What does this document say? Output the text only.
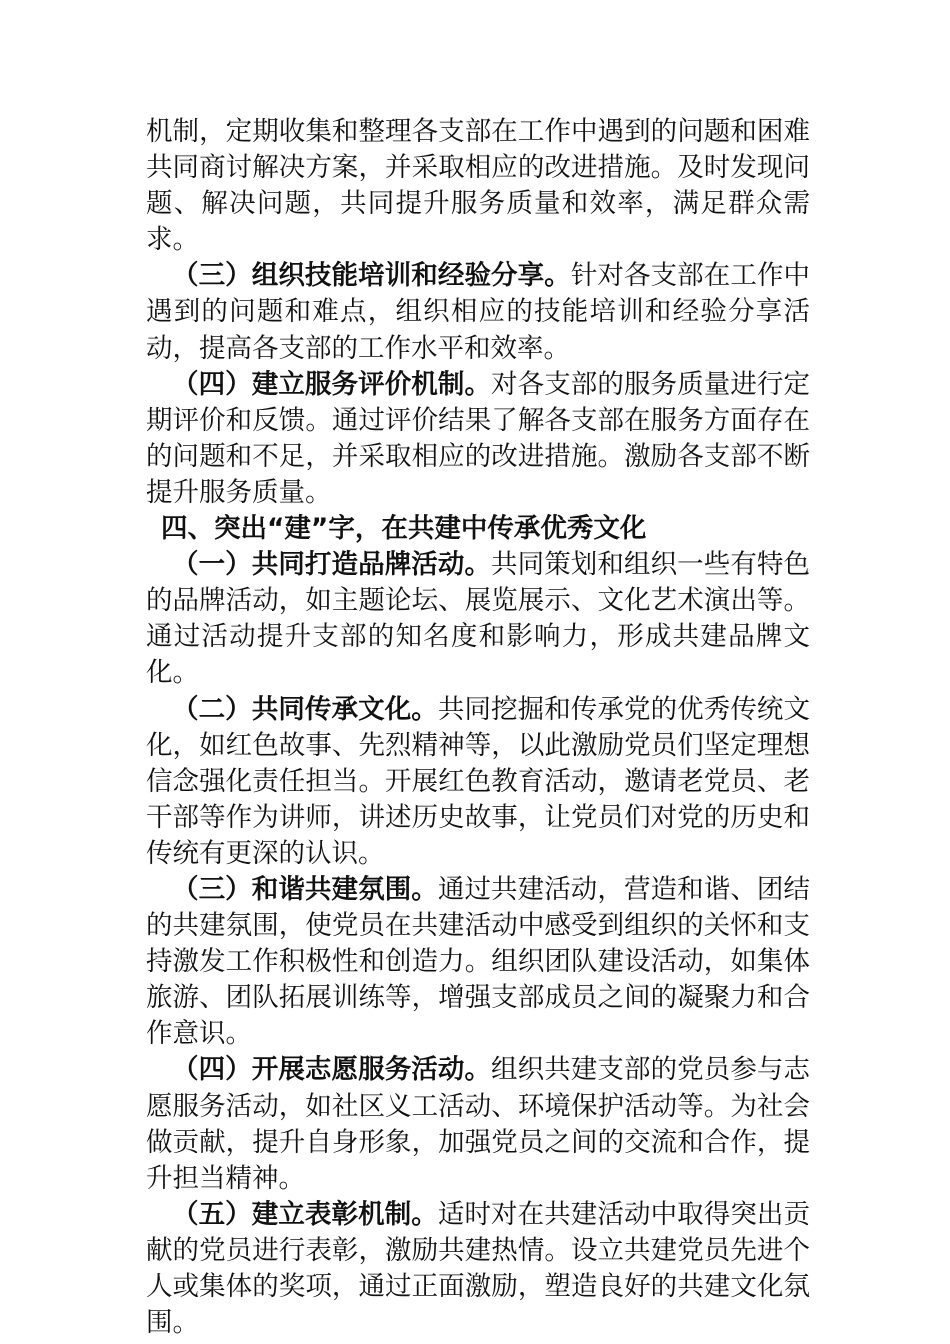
机制，定期收集和整理各支部在工作中遇到的问题和困难共同商讨解决方案，并采取相应的改进措施。及时发现问题、解决问题，共同提升服务质量和效率，满足群众需求。

（三）组织技能培训和经验分享。针对各支部在工作中遇到的问题和难点，组织相应的技能培训和经验分享活动，提高各支部的工作水平和效率。

（四）建立服务评价机制。对各支部的服务质量进行定期评价和反馈。通过评价结果了解各支部在服务方面存在的问题和不足，并采取相应的改进措施。激励各支部不断提升服务质量。

四、突出“建”字，在共建中传承优秀文化

（一）共同打造品牌活动。共同策划和组织一些有特色的品牌活动，如主题论坛、展览展示、文化艺术演出等。通过活动提升支部的知名度和影响力，形成共建品牌文化。

（二）共同传承文化。共同挖掘和传承党的优秀传统文化，如红色故事、先烈精神等，以此激励党员们坚定理想信念强化责任担当。开展红色教育活动，邀请老党员、老干部等作为讲师，讲述历史故事，让党员们对党的历史和传统有更深的认识。

（三）和谐共建氛围。通过共建活动，营造和谐、团结的共建氛围，使党员在共建活动中感受到组织的关怀和支持激发工作积极性和创造力。组织团队建设活动，如集体旅游、团队拓展训练等，增强支部成员之间的凝聚力和合作意识。

（四）开展志愿服务活动。组织共建支部的党员参与志愿服务活动，如社区义工活动、环境保护活动等。为社会做贡献，提升自身形象，加强党员之间的交流和合作，提升担当精神。

（五）建立表彰机制。适时对在共建活动中取得突出贡献的党员进行表彰，激励共建热情。设立共建党员先进个人或集体的奖项，通过正面激励，塑造良好的共建文化氛围。
